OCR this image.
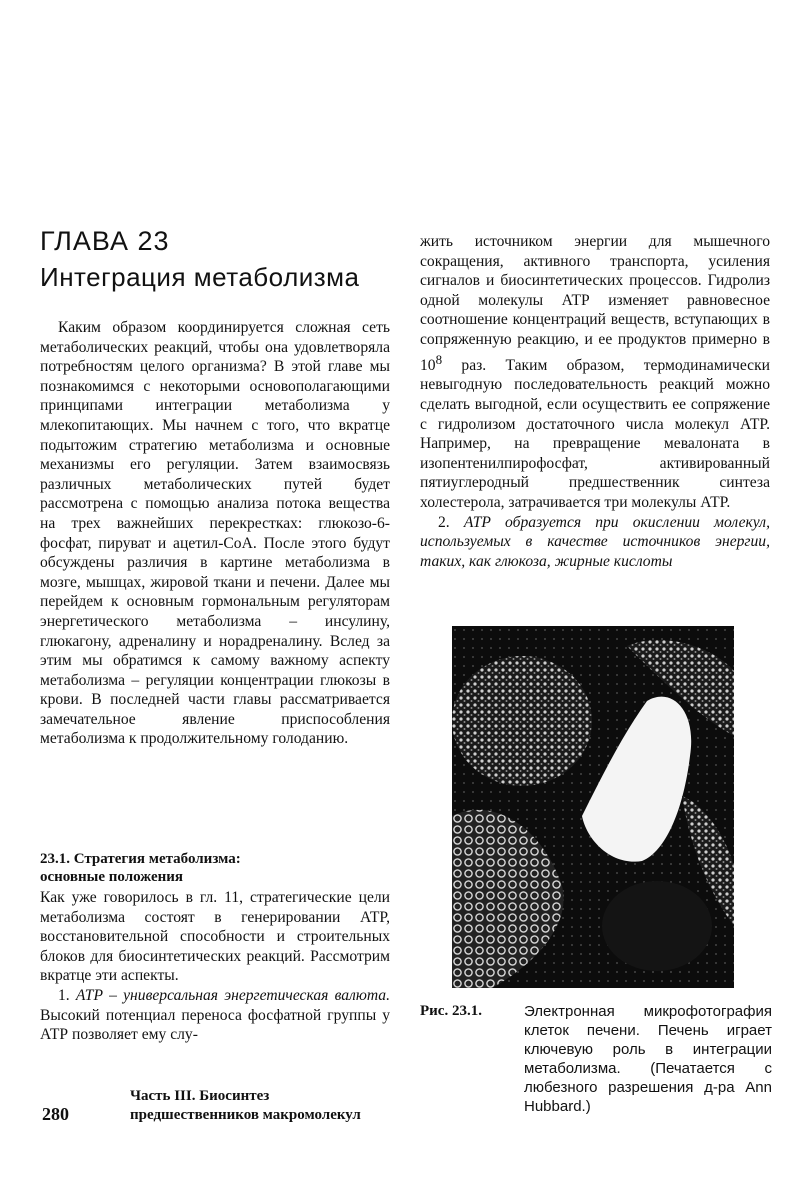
ГЛАВА 23
Интеграция метаболизма

Каким образом координируется сложная сеть метаболических реакций, чтобы она удовлетворяла потребностям целого организма? В этой главе мы познакомимся с некоторыми основополагающими принципами интеграции метаболизма у млекопитающих. Мы начнем с того, что вкратце подытожим стратегию метаболизма и основные механизмы его регуляции. Затем взаимосвязь различных метаболических путей будет рассмотрена с помощью анализа потока вещества на трех важнейших перекрестках: глюкозо-6-фосфат, пируват и ацетил-СоА. После этого будут обсуждены различия в картине метаболизма в мозге, мышцах, жировой ткани и печени. Далее мы перейдем к основным гормональным регуляторам энергетического метаболизма – инсулину, глюкагону, адреналину и норадреналину. Вслед за этим мы обратимся к самому важному аспекту метаболизма – регуляции концентрации глюкозы в крови. В последней части главы рассматривается замечательное явление приспособления метаболизма к продолжительному голоданию.

23.1. Стратегия метаболизма:
основные положения

Как уже говорилось в гл. 11, стратегические цели метаболизма состоят в генерировании АТР, восстановительной способности и строительных блоков для биосинтетических реакций. Рассмотрим вкратце эти аспекты.

1. АТР – универсальная энергетическая валюта. Высокий потенциал переноса фосфатной группы у АТР позволяет ему слу-

жить источником энергии для мышечного сокращения, активного транспорта, усиления сигналов и биосинтетических процессов. Гидролиз одной молекулы АТР изменяет равновесное соотношение концентраций веществ, вступающих в сопряженную реакцию, и ее продуктов примерно в $10^8$ раз. Таким образом, термодинамически невыгодную последовательность реакций можно сделать выгодной, если осуществить ее сопряжение с гидролизом достаточного числа молекул АТР. Например, на превращение мевалоната в изопентенилпирофосфат, активированный пятиуглеродный предшественник синтеза холестерола, затрачивается три молекулы АТР.

2. АТР образуется при окислении молекул, используемых в качестве источников энергии, таких, как глюкоза, жирные кислоты

Рис. 23.1.	Электронная микрофотография клеток печени. Печень играет ключевую роль в интеграции метаболизма. (Печатается с любезного разрешения д-ра Ann Hubbard.)
280
Часть III. Биосинтез
предшественников макромолекул
